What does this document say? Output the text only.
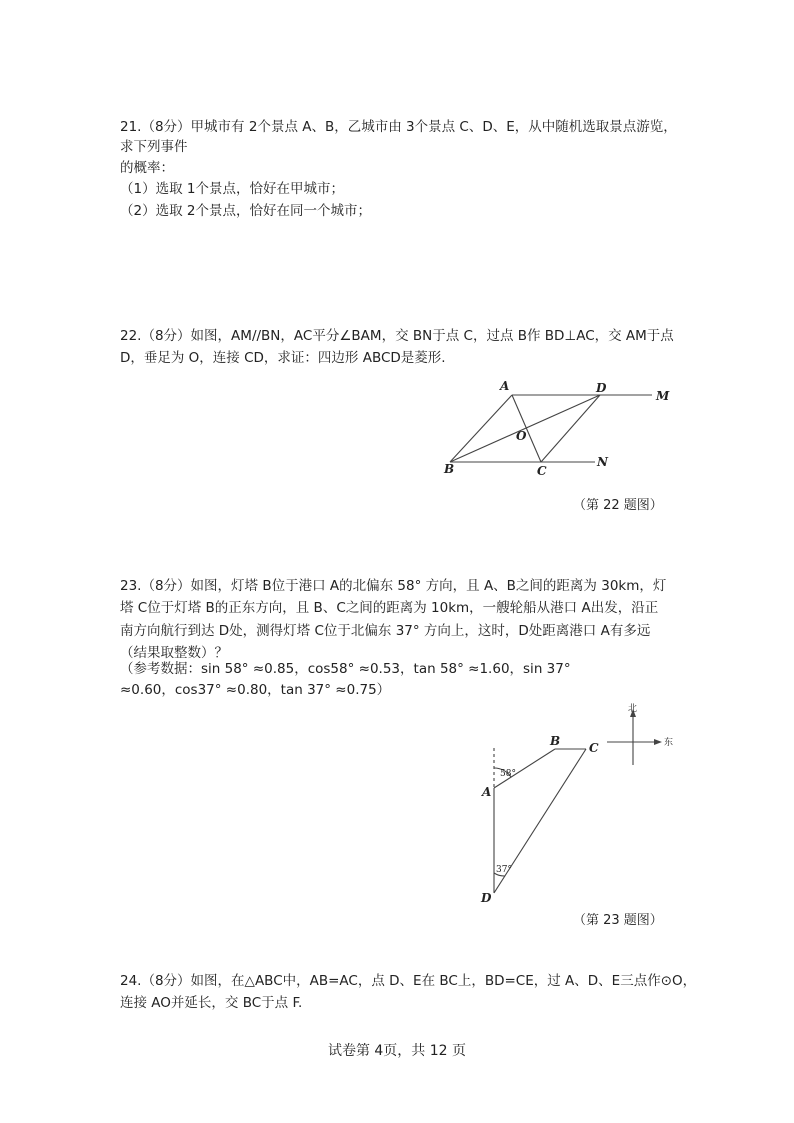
21.（8分）甲城市有 2个景点 A、B，乙城市由 3个景点 C、D、E，从中随机选取景点游览，
求下列事件
的概率：
（1）选取 1个景点，恰好在甲城市；
（2）选取 2个景点，恰好在同一个城市；
22.（8分）如图，AM//BN，AC平分∠BAM，交 BN于点 C，过点 B作 BD⊥AC，交 AM于点
D，垂足为 O，连接 CD，求证：四边形 ABCD是菱形.
A	D
M
O
B	C
N
（第 22 题图）
23.（8分）如图，灯塔 B位于港口 A的北偏东 58° 方向，且 A、B之间的距离为 30km，灯
塔 C位于灯塔 B的正东方向，且 B、C之间的距离为 10km，一艘轮船从港口 A出发，沿正
南方向航行到达 D处，测得灯塔 C位于北偏东 37° 方向上，这时，D处距离港口 A有多远
（结果取整数）？
（参考数据：sin 58° ≈0.85，cos58° ≈0.53，tan 58° ≈1.60，sin 37°
≈0.60，cos37° ≈0.80，tan 37° ≈0.75）
B C
A
D
58°
37°
北
东
（第 23 题图）
24.（8分）如图，在△ABC中，AB=AC，点 D、E在 BC上，BD=CE，过 A、D、E三点作⊙O，
连接 AO并延长，交 BC于点 F.
试卷第 4页，共 12 页
